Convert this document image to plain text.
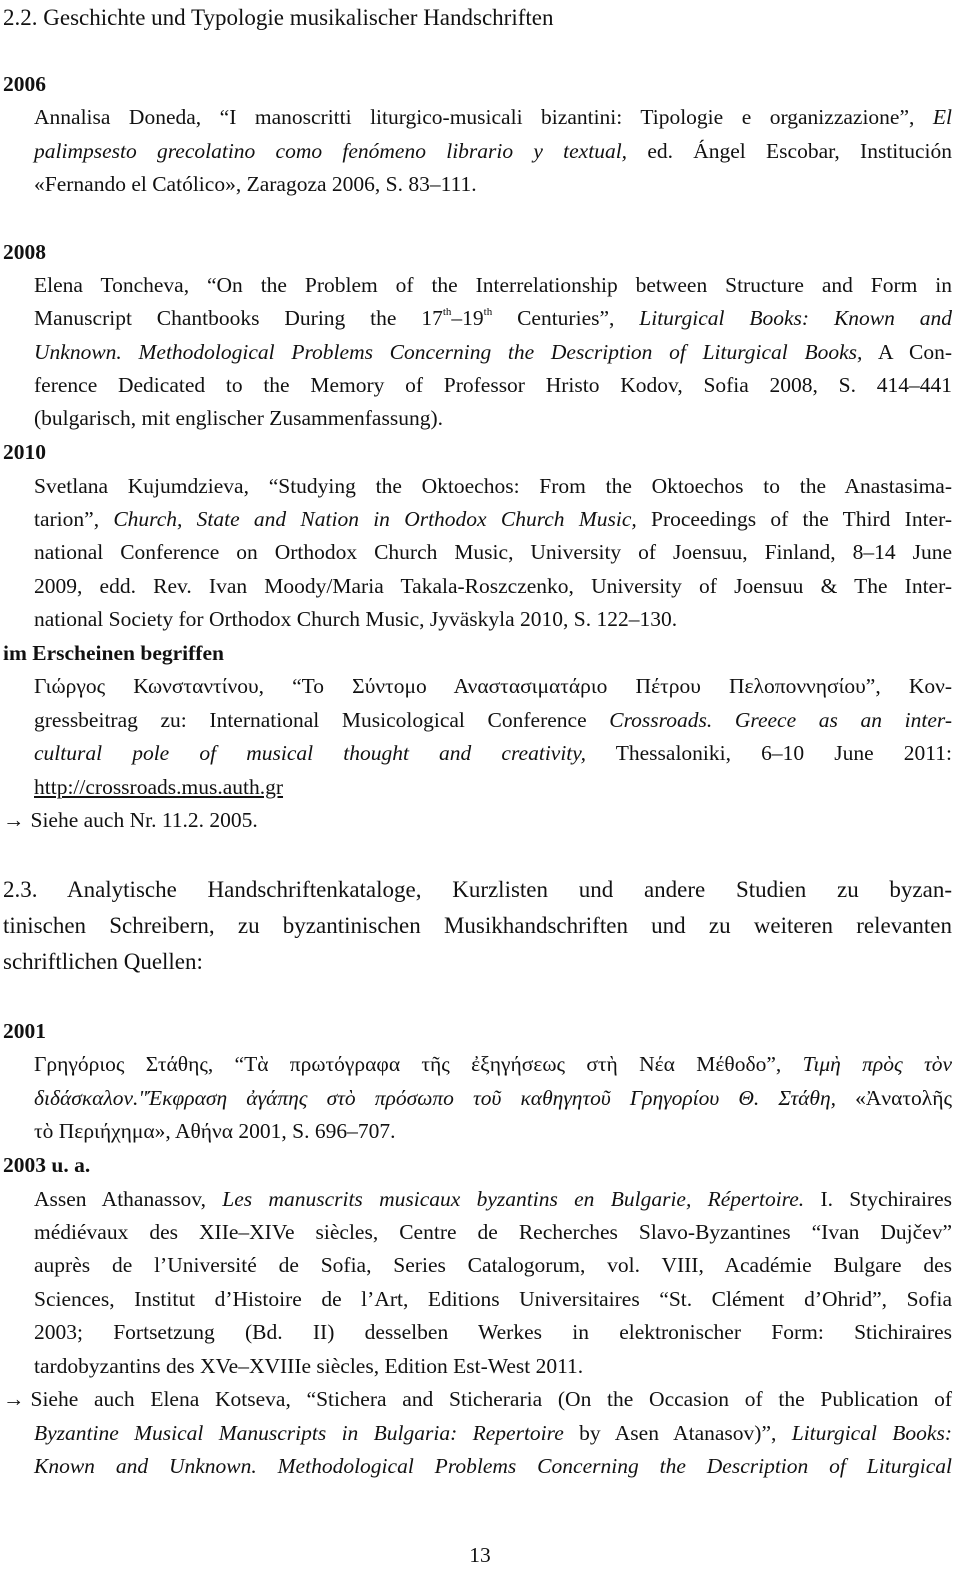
2.2. Geschichte und Typologie musikalischer Handschriften
2006
Annalisa Doneda, “I manoscritti liturgico-musicali bizantini: Tipologie e organizzazione”, El
palimpsesto grecolatino como fenómeno librario y textual, ed. Ángel Escobar, Institución
«Fernando el Católico», Zaragoza 2006, S. 83–111.
2008
Elena Toncheva, “On the Problem of the Interrelationship between Structure and Form in
Manuscript Chantbooks During the 17th–19th Centuries”, Liturgical Books: Known and
Unknown. Methodological Problems Concerning the Description of Liturgical Books, A Con-
ference Dedicated to the Memory of Professor Hristo Kodov, Sofia 2008, S. 414–441
(bulgarisch, mit englischer Zusammenfassung).
2010
Svetlana Kujumdzieva, “Studying the Oktoechos: From the Oktoechos to the Anastasima-
tarion”, Church, State and Nation in Orthodox Church Music, Proceedings of the Third Inter-
national Conference on Orthodox Church Music, University of Joensuu, Finland, 8–14 June
2009, edd. Rev. Ivan Moody/Maria Takala-Roszczenko, University of Joensuu & The Inter-
national Society for Orthodox Church Music, Jyväskyla 2010, S. 122–130.
im Erscheinen begriffen
Γιώργος Κωνσταντίνου, “Το Σύντομο Αναστασιματάριο Πέτρου Πελοποννησίου”, Κον-
gressbeitrag zu: International Musicological Conference Crossroads. Greece as an inter-
cultural pole of musical thought and creativity, Thessaloniki, 6–10 June 2011:
http://crossroads.mus.auth.gr
→ Siehe auch Nr. 11.2. 2005.
2.3. Analytische Handschriftenkataloge, Kurzlisten und andere Studien zu byzan-
tinischen Schreibern, zu byzantinischen Musikhandschriften und zu weiteren relevanten
schriftlichen Quellen:
2001
Γρηγόριος Στάθης, “Τὰ πρωτόγραφα τῆς ἐξηγήσεως στὴ Νέα Μέθοδο”, Τιμὴ πρὸς τὸν
διδάσκαλον.ʺΈκφραση ἀγάπης στὸ πρόσωπο τοῦ καθηγητοῦ Γρηγορίου Θ. Στάθη, «Ἀνατολῆς
τὸ Περιήχημα», Αθήνα 2001, S. 696–707.
2003 u. a.
Assen Athanassov, Les manuscrits musicaux byzantins en Bulgarie, Répertoire. I. Stychiraires
médiévaux des XIIe–XIVe siècles, Centre de Recherches Slavo-Byzantines “Ivan Dujčev”
auprès de l’Université de Sofia, Series Catalogorum, vol. VIII, Académie Bulgare des
Sciences, Institut d’Histoire de l’Art, Editions Universitaires “St. Clément d’Ohrid”, Sofia
2003; Fortsetzung (Bd. II) desselben Werkes in elektronischer Form: Stichiraires
tardobyzantins des XVe–XVIIIe siècles, Edition Est-West 2011.
→ Siehe auch Elena Kotseva, “Stichera and Sticheraria (On the Occasion of the Publication of
Byzantine Musical Manuscripts in Bulgaria: Repertoire by Asen Atanasov)”, Liturgical Books:
Known and Unknown. Methodological Problems Concerning the Description of Liturgical
13
